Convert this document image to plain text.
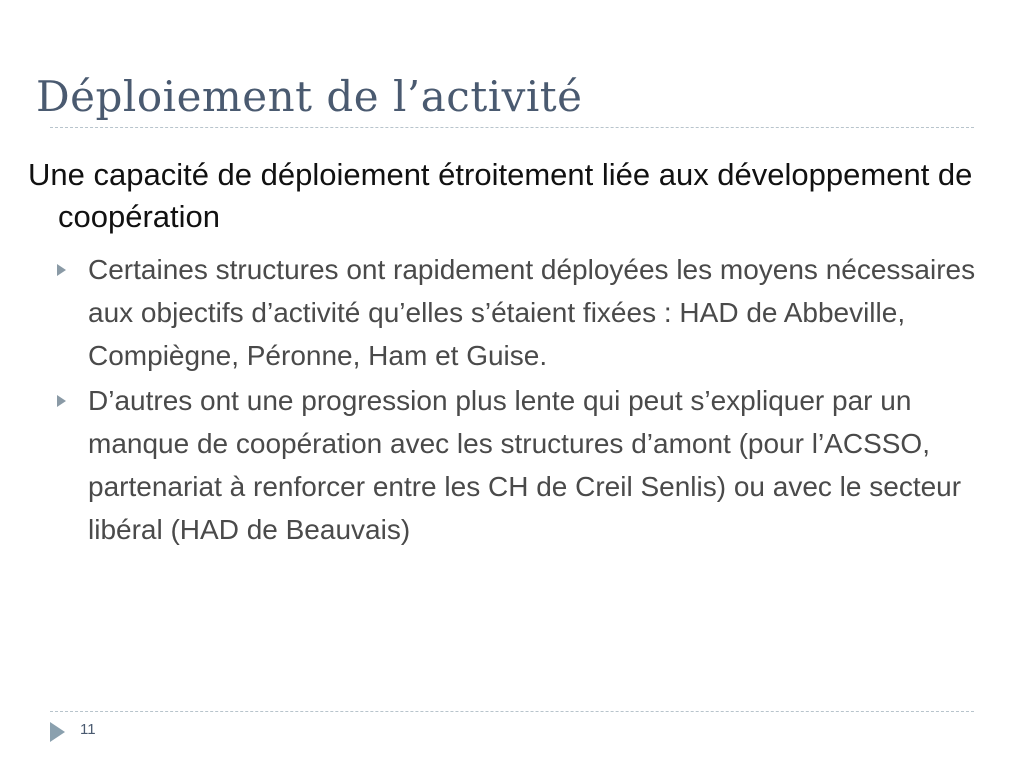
Déploiement de l’activité

Une capacité de déploiement étroitement liée aux développement de coopération

Certaines structures ont rapidement déployées les moyens nécessaires aux objectifs d’activité qu’elles s’étaient fixées : HAD de Abbeville, Compiègne, Péronne, Ham et Guise.
D’autres ont une progression plus lente qui peut s’expliquer par un manque de coopération avec les structures d’amont (pour l’ACSSO, partenariat à renforcer entre les CH de Creil Senlis) ou avec le secteur libéral (HAD de Beauvais)
11
